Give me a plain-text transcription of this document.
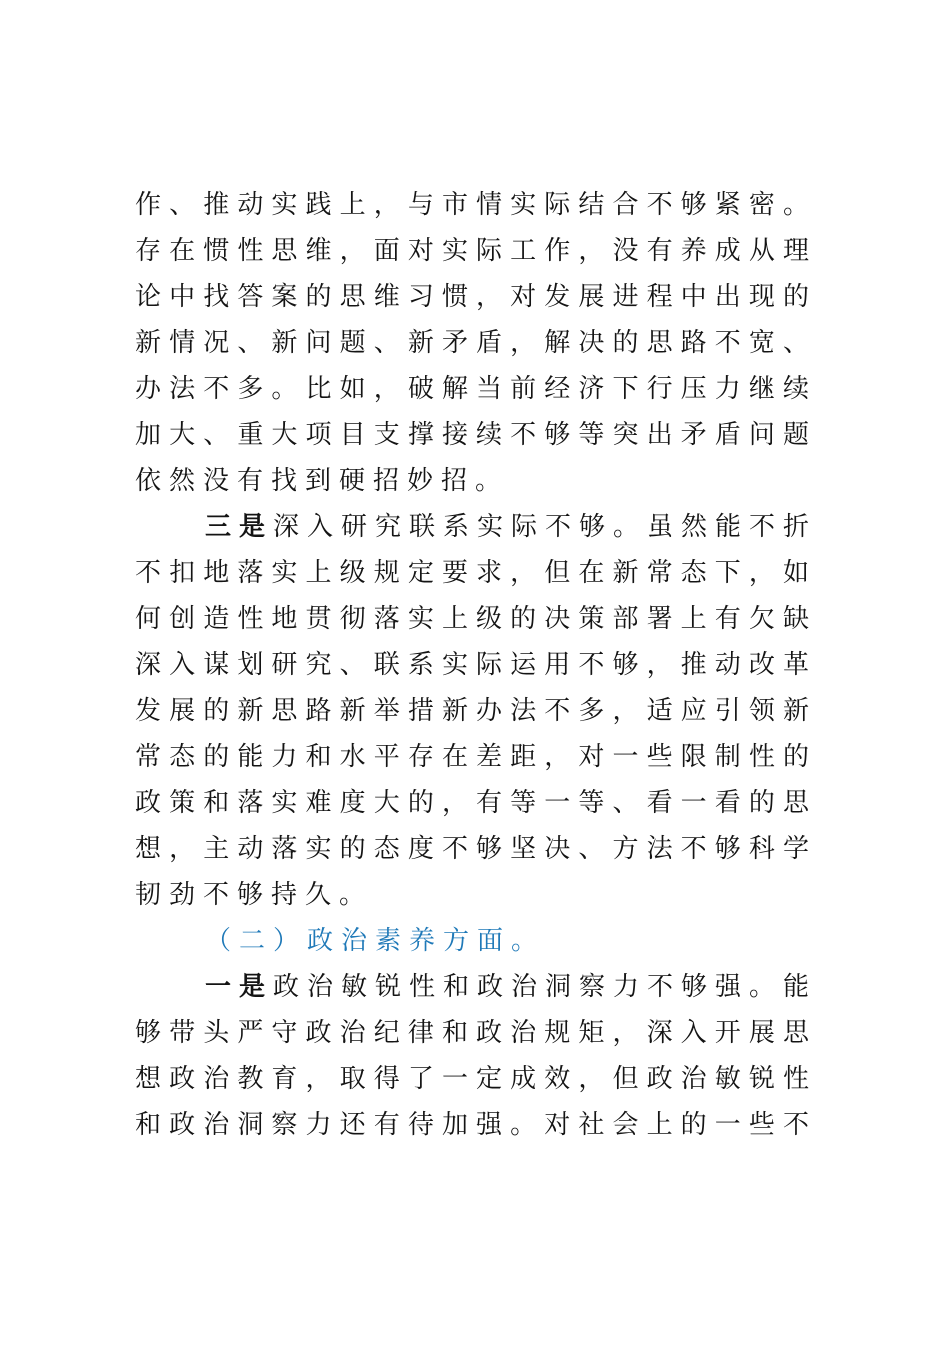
作、推动实践上，与市情实际结合不够紧密。
存在惯性思维，面对实际工作，没有养成从理
论中找答案的思维习惯，对发展进程中出现的
新情况、新问题、新矛盾，解决的思路不宽、
办法不多。比如，破解当前经济下行压力继续
加大、重大项目支撑接续不够等突出矛盾问题
依然没有找到硬招妙招。
三是深入研究联系实际不够。虽然能不折
不扣地落实上级规定要求，但在新常态下，如
何创造性地贯彻落实上级的决策部署上有欠缺
深入谋划研究、联系实际运用不够，推动改革
发展的新思路新举措新办法不多，适应引领新
常态的能力和水平存在差距，对一些限制性的
政策和落实难度大的，有等一等、看一看的思
想，主动落实的态度不够坚决、方法不够科学
韧劲不够持久。
（二）政治素养方面。
一是政治敏锐性和政治洞察力不够强。能
够带头严守政治纪律和政治规矩，深入开展思
想政治教育，取得了一定成效，但政治敏锐性
和政治洞察力还有待加强。对社会上的一些不
